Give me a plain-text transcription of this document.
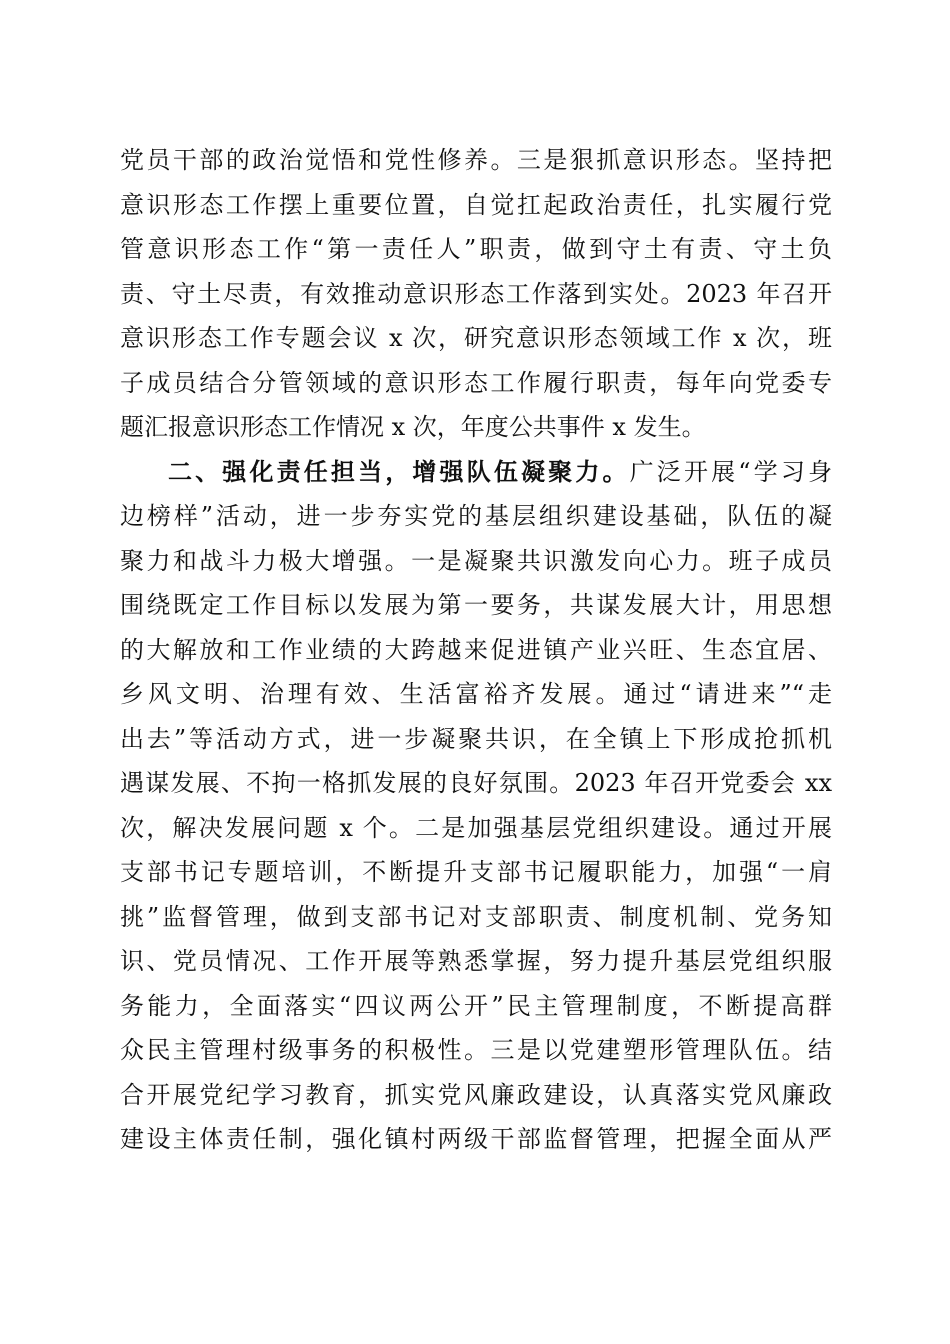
党员干部的政治觉悟和党性修养。三是狠抓意识形态。坚持把
意识形态工作摆上重要位置，自觉扛起政治责任，扎实履行党
管意识形态工作“第一责任人”职责，做到守土有责、守土负
责、守土尽责，有效推动意识形态工作落到实处。2023 年召开
意识形态工作专题会议 x 次，研究意识形态领域工作 x 次，班
子成员结合分管领域的意识形态工作履行职责，每年向党委专
题汇报意识形态工作情况 x 次，年度公共事件 x 发生。
二、强化责任担当，增强队伍凝聚力。广泛开展“学习身
边榜样”活动，进一步夯实党的基层组织建设基础，队伍的凝
聚力和战斗力极大增强。一是凝聚共识激发向心力。班子成员
围绕既定工作目标以发展为第一要务，共谋发展大计，用思想
的大解放和工作业绩的大跨越来促进镇产业兴旺、生态宜居、
乡风文明、治理有效、生活富裕齐发展。通过“请进来”“走
出去”等活动方式，进一步凝聚共识，在全镇上下形成抢抓机
遇谋发展、不拘一格抓发展的良好氛围。2023 年召开党委会 xx
次，解决发展问题 x 个。二是加强基层党组织建设。通过开展
支部书记专题培训，不断提升支部书记履职能力，加强“一肩
挑”监督管理，做到支部书记对支部职责、制度机制、党务知
识、党员情况、工作开展等熟悉掌握，努力提升基层党组织服
务能力，全面落实“四议两公开”民主管理制度，不断提高群
众民主管理村级事务的积极性。三是以党建塑形管理队伍。结
合开展党纪学习教育，抓实党风廉政建设，认真落实党风廉政
建设主体责任制，强化镇村两级干部监督管理，把握全面从严
